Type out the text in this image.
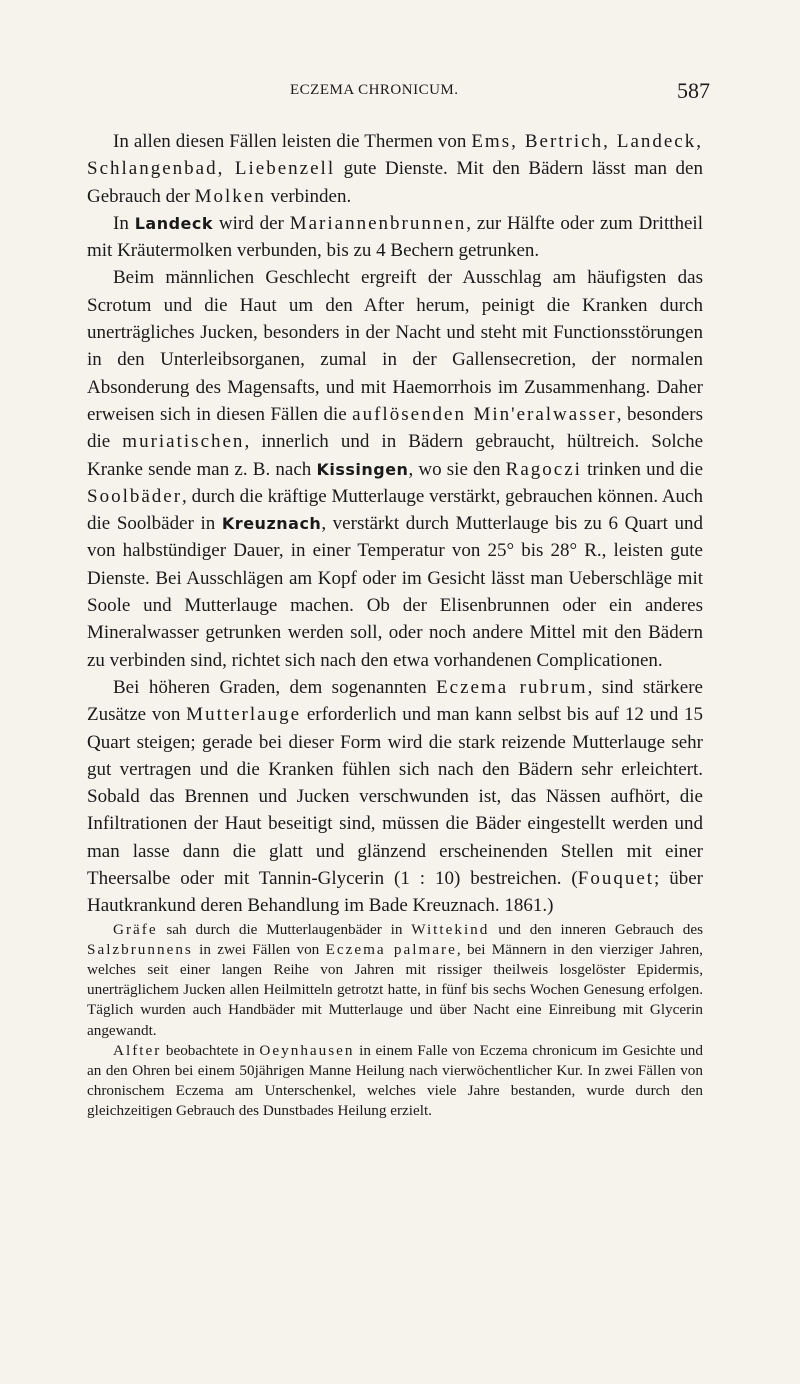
ECZEMA CHRONICUM.	587

In allen diesen Fällen leisten die Thermen von Ems, Bertrich, Landeck, Schlangenbad, Liebenzell gute Dienste. Mit den Bädern lässt man den Gebrauch der Molken verbinden.

In Landeck wird der Mariannenbrunnen, zur Hälfte oder zum Drittheil mit Kräutermolken verbunden, bis zu 4 Bechern getrunken.

Beim männlichen Geschlecht ergreift der Ausschlag am häufigsten das Scrotum und die Haut um den After herum, peinigt die Kranken durch unerträgliches Jucken, besonders in der Nacht und steht mit Functionsstörungen in den Unterleibsorganen, zumal in der Gallensecretion, der normalen Absonderung des Magensafts, und mit Haemorrhois im Zusammenhang. Daher erweisen sich in diesen Fällen die auflösenden Min'eralwasser, besonders die muriatischen, innerlich und in Bädern gebraucht, hültreich. Solche Kranke sende man z. B. nach Kissingen, wo sie den Ragoczi trinken und die Soolbäder, durch die kräftige Mutterlauge verstärkt, gebrauchen können. Auch die Soolbäder in Kreuznach, verstärkt durch Mutterlauge bis zu 6 Quart und von halbstündiger Dauer, in einer Temperatur von 25° bis 28° R., leisten gute Dienste. Bei Ausschlägen am Kopf oder im Gesicht lässt man Ueberschläge mit Soole und Mutterlauge machen. Ob der Elisenbrunnen oder ein anderes Mineralwasser getrunken werden soll, oder noch andere Mittel mit den Bädern zu verbinden sind, richtet sich nach den etwa vorhandenen Complicationen.

Bei höheren Graden, dem sogenannten Eczema rubrum, sind stärkere Zusätze von Mutterlauge erforderlich und man kann selbst bis auf 12 und 15 Quart steigen; gerade bei dieser Form wird die stark reizende Mutterlauge sehr gut vertragen und die Kranken fühlen sich nach den Bädern sehr erleichtert. Sobald das Brennen und Jucken verschwunden ist, das Nässen aufhört, die Infiltrationen der Haut beseitigt sind, müssen die Bäder eingestellt werden und man lasse dann die glatt und glänzend erscheinenden Stellen mit einer Theersalbe oder mit Tannin-Glycerin (1 : 10) bestreichen. (Fouquet; über Hautkrankund deren Behandlung im Bade Kreuznach. 1861.)

Gräfe sah durch die Mutterlaugenbäder in Wittekind und den inneren Gebrauch des Salzbrunnens in zwei Fällen von Eczema palmare, bei Männern in den vierziger Jahren, welches seit einer langen Reihe von Jahren mit rissiger theilweis losgelöster Epidermis, unerträglichem Jucken allen Heilmitteln getrotzt hatte, in fünf bis sechs Wochen Genesung erfolgen. Täglich wurden auch Handbäder mit Mutterlauge und über Nacht eine Einreibung mit Glycerin angewandt.

Alfter beobachtete in Oeynhausen in einem Falle von Eczema chronicum im Gesichte und an den Ohren bei einem 50jährigen Manne Heilung nach vierwöchentlicher Kur. In zwei Fällen von chronischem Eczema am Unterschenkel, welches viele Jahre bestanden, wurde durch den gleichzeitigen Gebrauch des Dunstbades Heilung erzielt.
